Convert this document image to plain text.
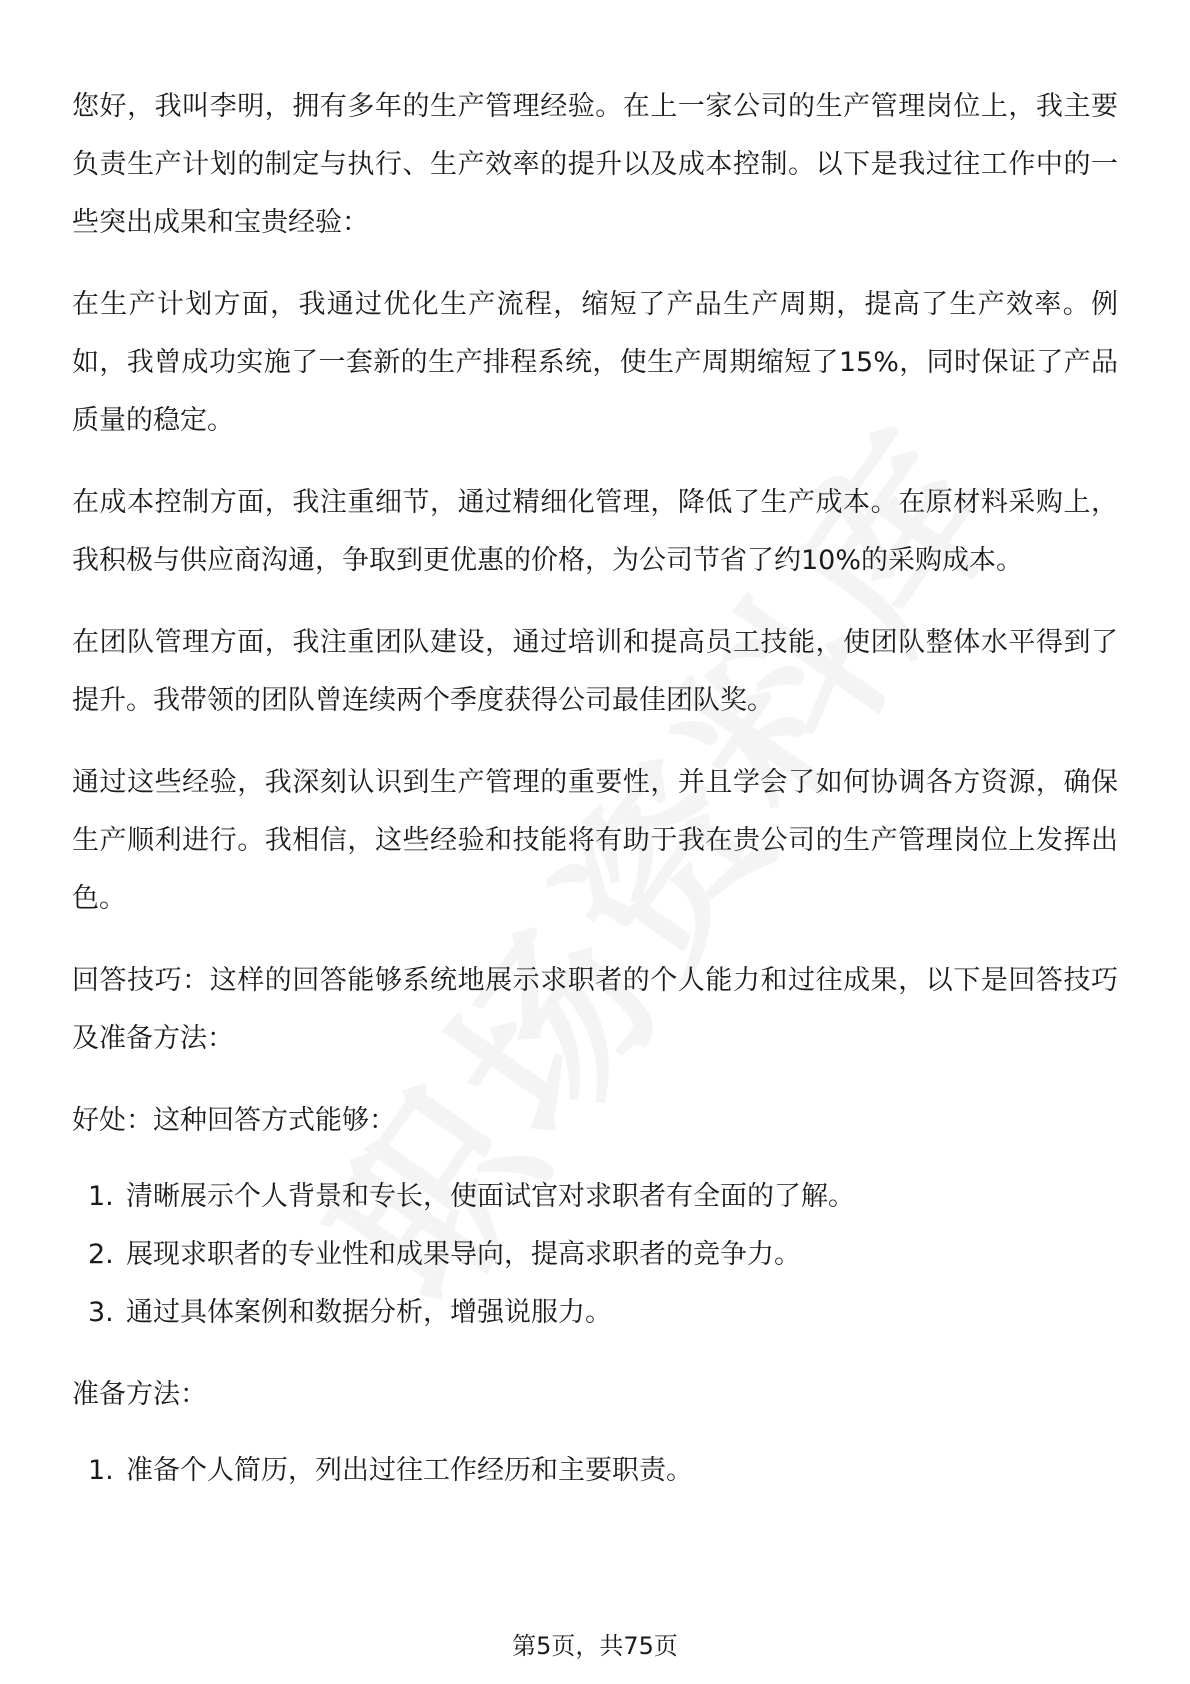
您好，我叫李明，拥有多年的生产管理经验。在上一家公司的生产管理岗位上，我主要负责生产计划的制定与执行、生产效率的提升以及成本控制。以下是我过往工作中的一些突出成果和宝贵经验：

在生产计划方面，我通过优化生产流程，缩短了产品生产周期，提高了生产效率。例如，我曾成功实施了一套新的生产排程系统，使生产周期缩短了15%，同时保证了产品质量的稳定。

在成本控制方面，我注重细节，通过精细化管理，降低了生产成本。在原材料采购上，我积极与供应商沟通，争取到更优惠的价格，为公司节省了约10%的采购成本。

在团队管理方面，我注重团队建设，通过培训和提高员工技能，使团队整体水平得到了提升。我带领的团队曾连续两个季度获得公司最佳团队奖。

通过这些经验，我深刻认识到生产管理的重要性，并且学会了如何协调各方资源，确保生产顺利进行。我相信，这些经验和技能将有助于我在贵公司的生产管理岗位上发挥出色。

回答技巧：这样的回答能够系统地展示求职者的个人能力和过往成果，以下是回答技巧及准备方法：

好处：这种回答方式能够：

1. 清晰展示个人背景和专长，使面试官对求职者有全面的了解。
2. 展现求职者的专业性和成果导向，提高求职者的竞争力。
3. 通过具体案例和数据分析，增强说服力。

准备方法：

1. 准备个人简历，列出过往工作经历和主要职责。
第5页，共75页
